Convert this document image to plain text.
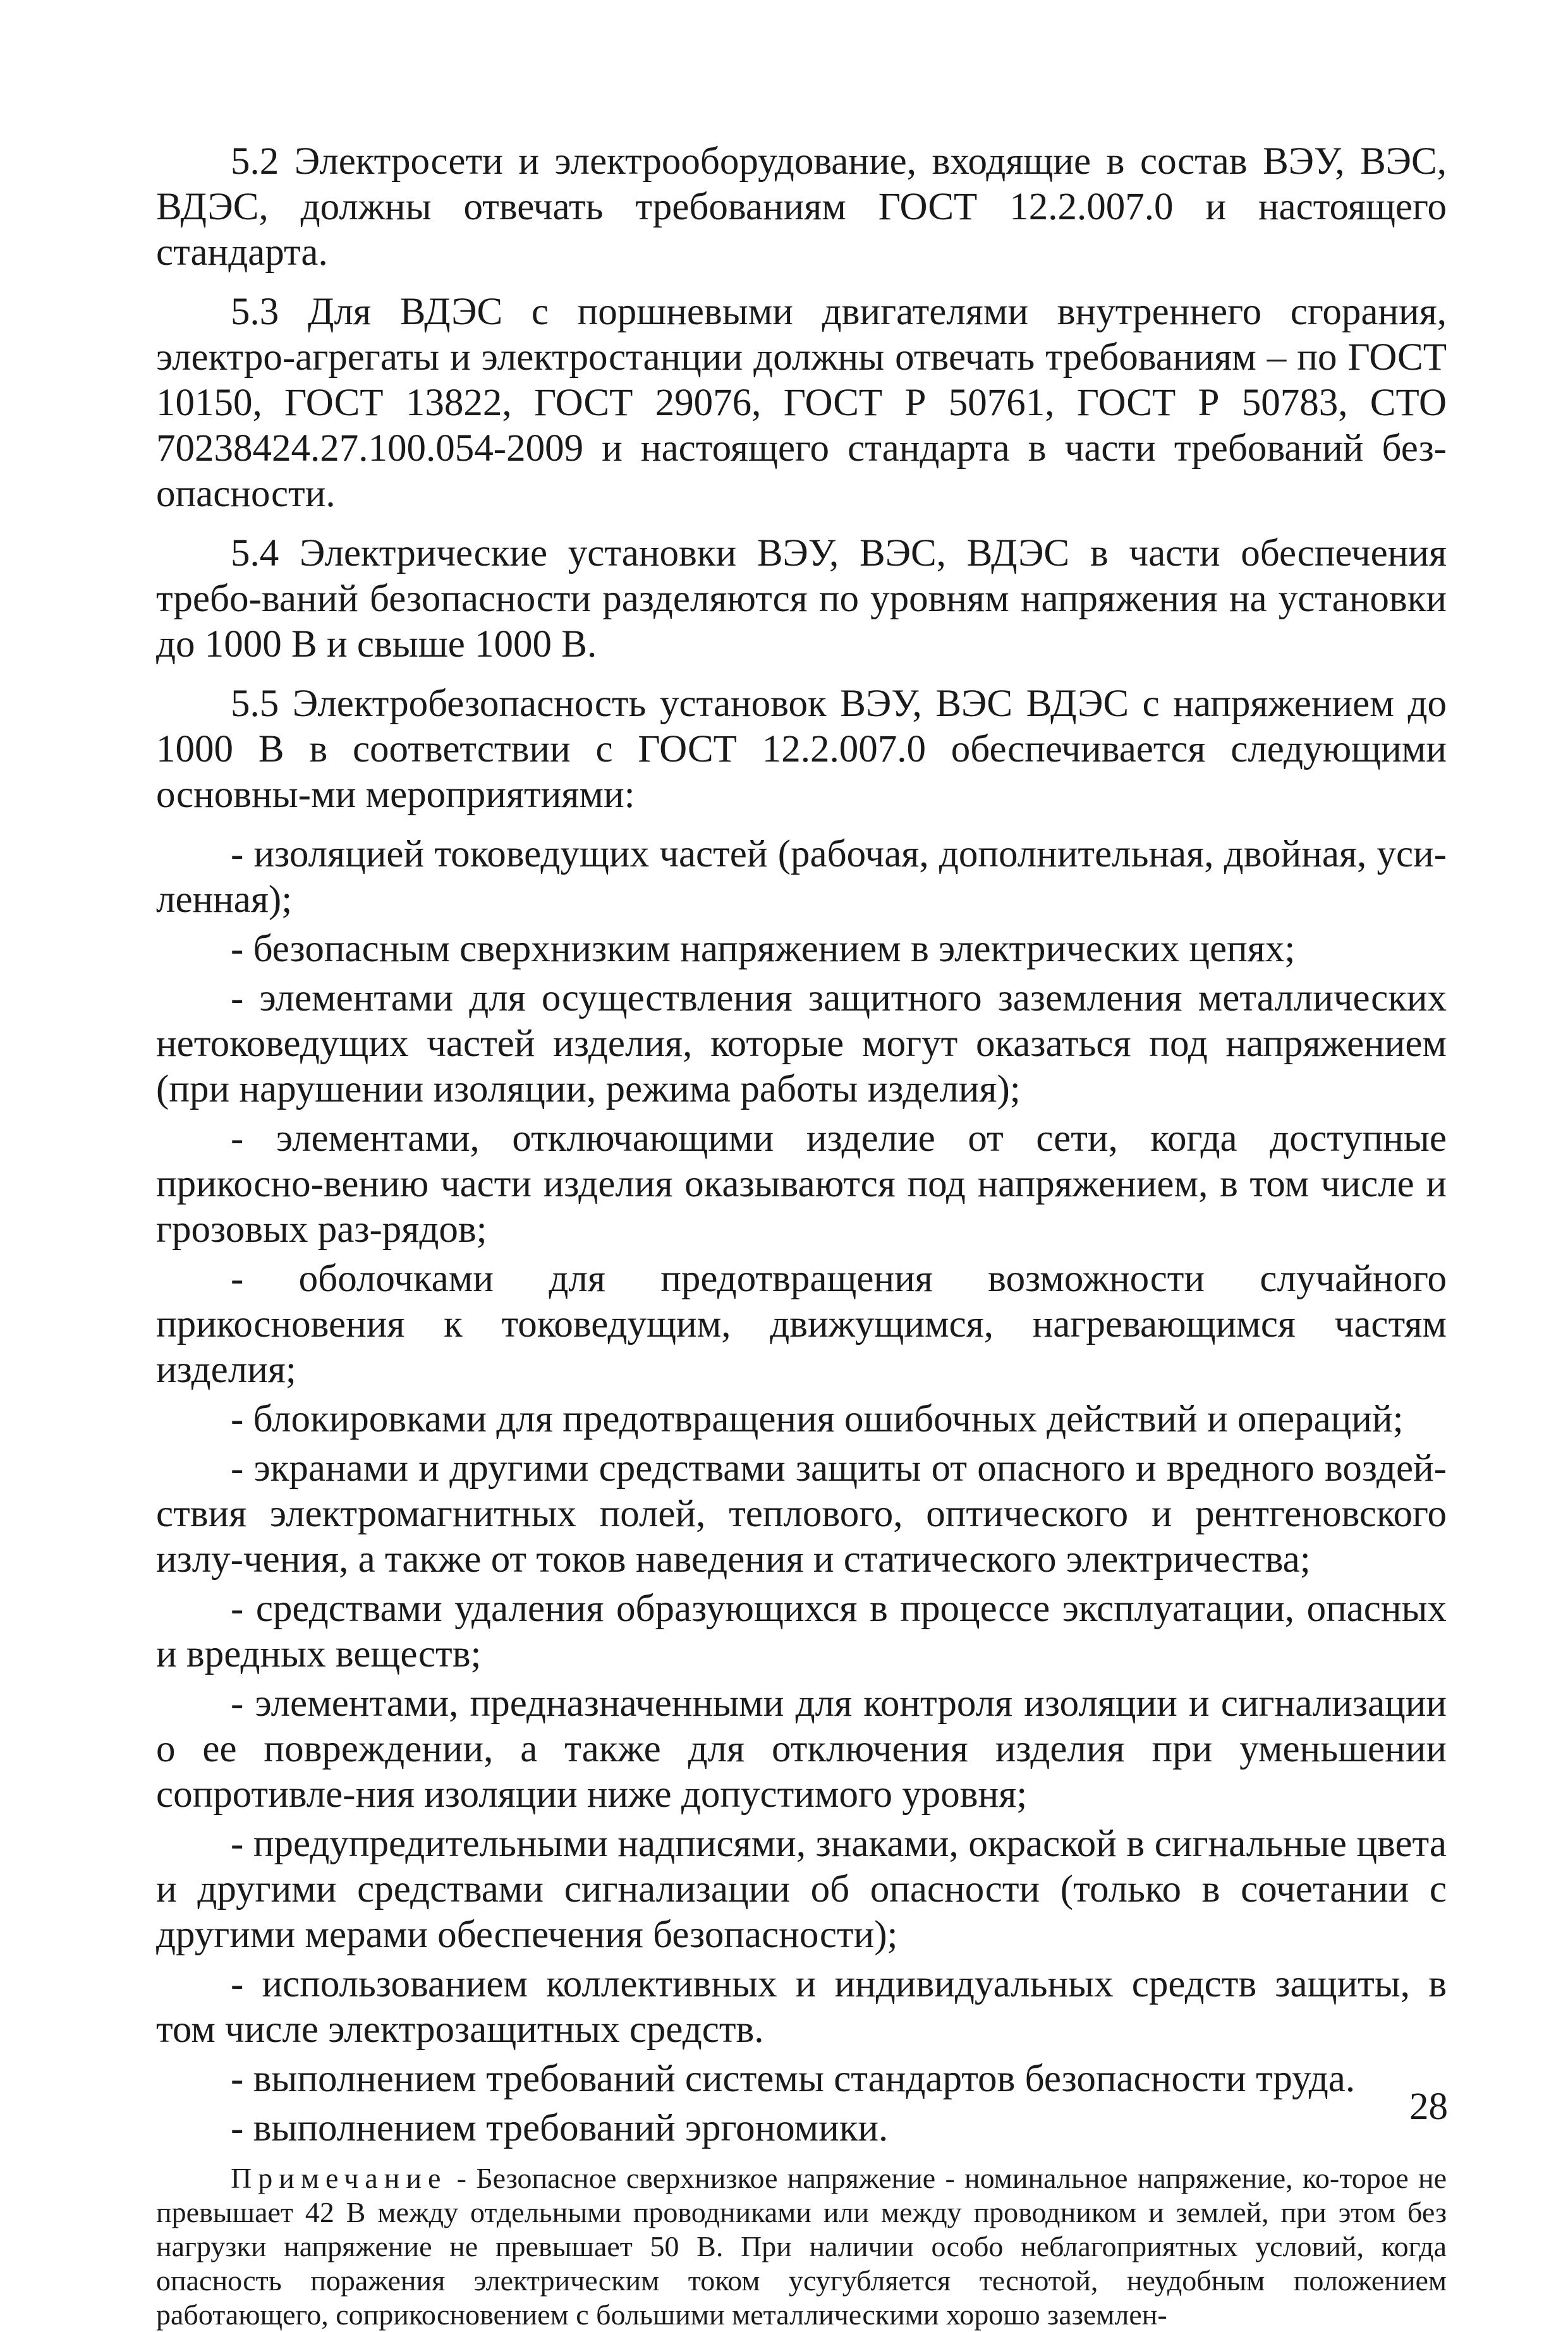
5.2 Электросети и электрооборудование, входящие в состав ВЭУ, ВЭС, ВДЭС, должны отвечать требованиям ГОСТ 12.2.007.0 и настоящего стандарта.

5.3 Для ВДЭС с поршневыми двигателями внутреннего сгорания, электро-агрегаты и электростанции должны отвечать требованиям – по ГОСТ 10150, ГОСТ 13822, ГОСТ 29076, ГОСТ Р 50761, ГОСТ Р 50783, СТО 70238424.27.100.054-2009 и настоящего стандарта в части требований без-опасности.

5.4 Электрические установки ВЭУ, ВЭС, ВДЭС в части обеспечения требо-ваний безопасности разделяются по уровням напряжения на установки до 1000 В и свыше 1000 В.

5.5 Электробезопасность установок ВЭУ, ВЭС ВДЭС с напряжением до 1000 В в соответствии с ГОСТ 12.2.007.0 обеспечивается следующими основны-ми мероприятиями:

- изоляцией токоведущих частей (рабочая, дополнительная, двойная, уси-ленная);
- безопасным сверхнизким напряжением в электрических цепях;
- элементами для осуществления защитного заземления металлических нетоковедущих частей изделия, которые могут оказаться под напряжением (при нарушении изоляции, режима работы изделия);
- элементами, отключающими изделие от сети, когда доступные прикосно-вению части изделия оказываются под напряжением, в том числе и грозовых раз-рядов;
- оболочками для предотвращения возможности случайного прикосновения к токоведущим, движущимся, нагревающимся частям изделия;
- блокировками для предотвращения ошибочных действий и операций;
- экранами и другими средствами защиты от опасного и вредного воздей-ствия электромагнитных полей, теплового, оптического и рентгеновского излу-чения, а также от токов наведения и статического электричества;
- средствами удаления образующихся в процессе эксплуатации, опасных и вредных веществ;
- элементами, предназначенными для контроля изоляции и сигнализации о ее повреждении, а также для отключения изделия при уменьшении сопротивле-ния изоляции ниже допустимого уровня;
- предупредительными надписями, знаками, окраской в сигнальные цвета и другими средствами сигнализации об опасности (только в сочетании с другими мерами обеспечения безопасности);
- использованием коллективных и индивидуальных средств защиты, в том числе электрозащитных средств.
- выполнением требований системы стандартов безопасности труда.
- выполнением требований эргономики.

Примечание - Безопасное сверхнизкое напряжение - номинальное напряжение, ко-торое не превышает 42 В между отдельными проводниками или между проводником и землей, при этом без нагрузки напряжение не превышает 50 В. При наличии особо неблагоприятных условий, когда опасность поражения электрическим током усугубляется теснотой, неудобным положением работающего, соприкосновением с большими металлическими хорошо заземлен-

28
